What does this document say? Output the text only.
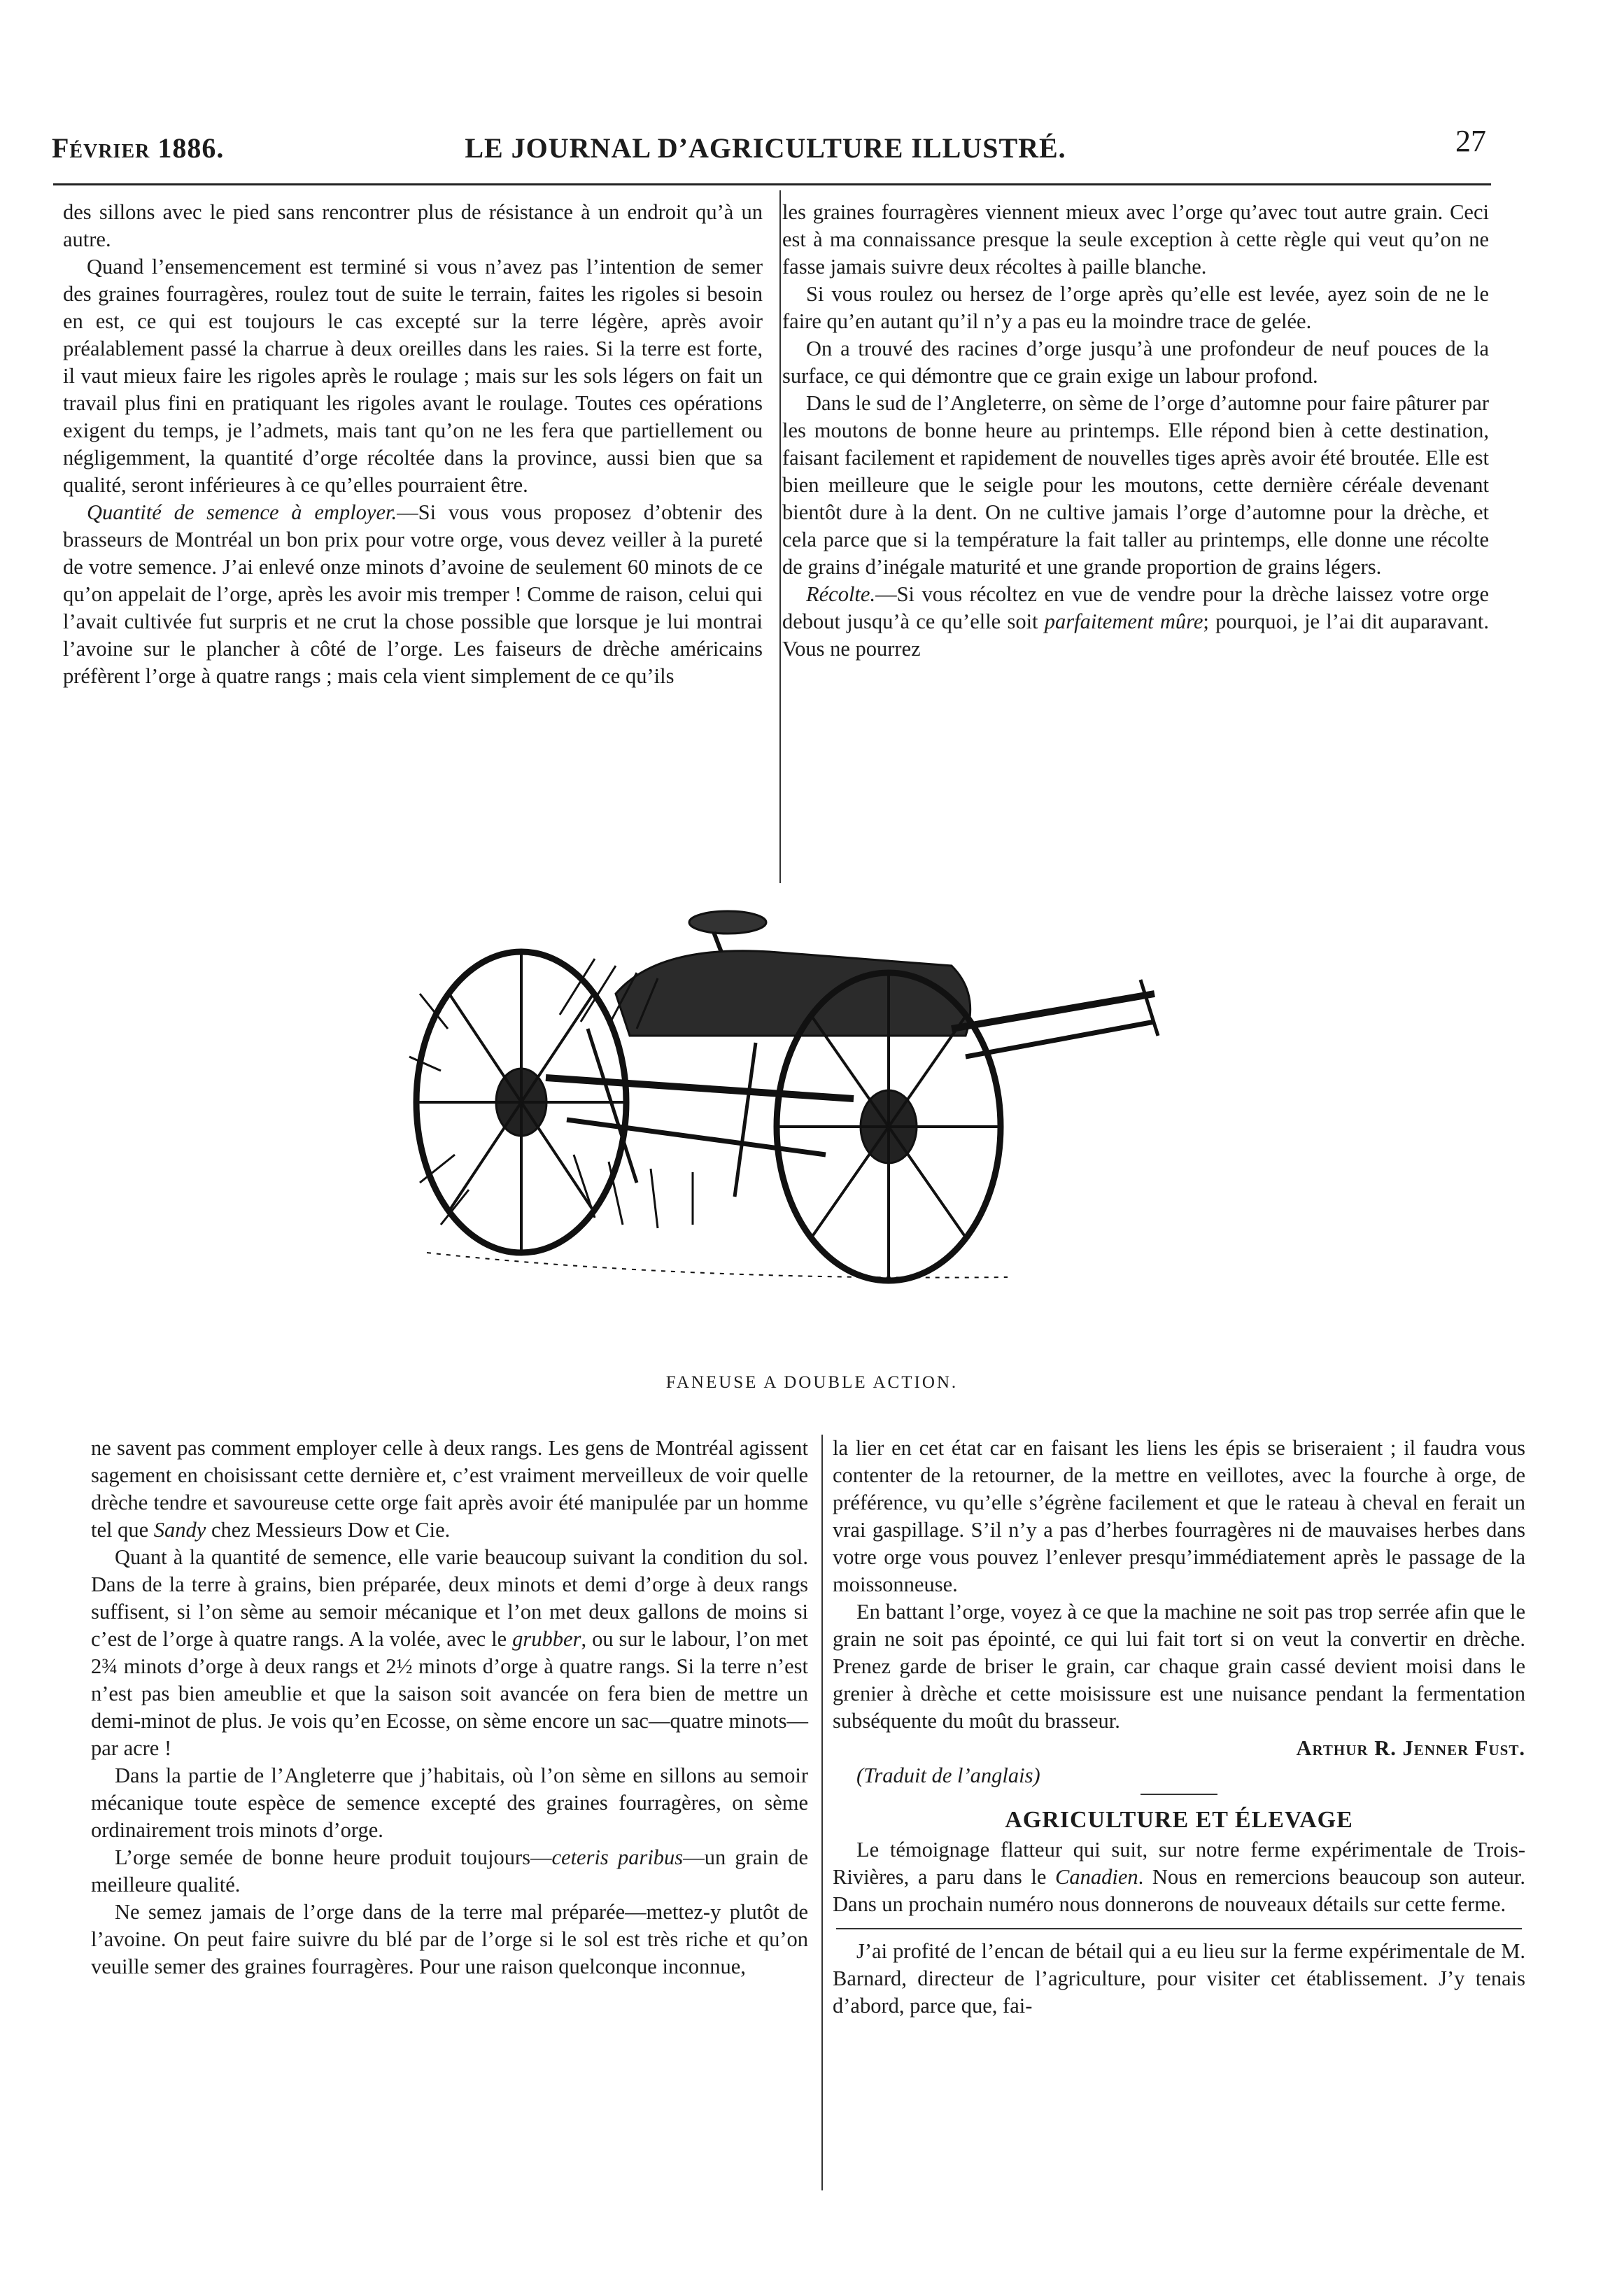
Février 1886.	LE JOURNAL D’AGRICULTURE ILLUSTRÉ.	27

des sillons avec le pied sans rencontrer plus de résistance à un endroit qu’à un autre.

Quand l’ensemencement est terminé si vous n’avez pas l’intention de semer des graines fourragères, roulez tout de suite le terrain, faites les rigoles si besoin en est, ce qui est toujours le cas excepté sur la terre légère, après avoir préalablement passé la charrue à deux oreilles dans les raies. Si la terre est forte, il vaut mieux faire les rigoles après le roulage ; mais sur les sols légers on fait un travail plus fini en pratiquant les rigoles avant le roulage. Toutes ces opérations exigent du temps, je l’admets, mais tant qu’on ne les fera que partiellement ou négligemment, la quantité d’orge récoltée dans la province, aussi bien que sa qualité, seront inférieures à ce qu’elles pourraient être.

Quantité de semence à employer.—Si vous vous proposez d’obtenir des brasseurs de Montréal un bon prix pour votre orge, vous devez veiller à la pureté de votre semence. J’ai enlevé onze minots d’avoine de seulement 60 minots de ce qu’on appelait de l’orge, après les avoir mis tremper ! Comme de raison, celui qui l’avait cultivée fut surpris et ne crut la chose possible que lorsque je lui montrai l’avoine sur le plancher à côté de l’orge. Les faiseurs de drèche américains préfèrent l’orge à quatre rangs ; mais cela vient simplement de ce qu’ils

les graines fourragères viennent mieux avec l’orge qu’avec tout autre grain. Ceci est à ma connaissance presque la seule exception à cette règle qui veut qu’on ne fasse jamais suivre deux récoltes à paille blanche.

Si vous roulez ou hersez de l’orge après qu’elle est levée, ayez soin de ne le faire qu’en autant qu’il n’y a pas eu la moindre trace de gelée.

On a trouvé des racines d’orge jusqu’à une profondeur de neuf pouces de la surface, ce qui démontre que ce grain exige un labour profond.

Dans le sud de l’Angleterre, on sème de l’orge d’automne pour faire pâturer par les moutons de bonne heure au printemps. Elle répond bien à cette destination, faisant facilement et rapidement de nouvelles tiges après avoir été broutée. Elle est bien meilleure que le seigle pour les moutons, cette dernière céréale devenant bientôt dure à la dent. On ne cultive jamais l’orge d’automne pour la drèche, et cela parce que si la température la fait taller au printemps, elle donne une récolte de grains d’inégale maturité et une grande proportion de grains légers.

Récolte.—Si vous récoltez en vue de vendre pour la drèche laissez votre orge debout jusqu’à ce qu’elle soit parfaitement mûre; pourquoi, je l’ai dit auparavant. Vous ne pourrez

FANEUSE A DOUBLE ACTION.

ne savent pas comment employer celle à deux rangs. Les gens de Montréal agissent sagement en choisissant cette dernière et, c’est vraiment merveilleux de voir quelle drèche tendre et savoureuse cette orge fait après avoir été manipulée par un homme tel que Sandy chez Messieurs Dow et Cie.

Quant à la quantité de semence, elle varie beaucoup suivant la condition du sol. Dans de la terre à grains, bien préparée, deux minots et demi d’orge à deux rangs suffisent, si l’on sème au semoir mécanique et l’on met deux gallons de moins si c’est de l’orge à quatre rangs. A la volée, avec le grubber, ou sur le labour, l’on met 2¾ minots d’orge à deux rangs et 2½ minots d’orge à quatre rangs. Si la terre n’est n’est pas bien ameublie et que la saison soit avancée on fera bien de mettre un demi-minot de plus. Je vois qu’en Ecosse, on sème encore un sac—quatre minots—par acre !

Dans la partie de l’Angleterre que j’habitais, où l’on sème en sillons au semoir mécanique toute espèce de semence excepté des graines fourragères, on sème ordinairement trois minots d’orge.

L’orge semée de bonne heure produit toujours—ceteris paribus—un grain de meilleure qualité.

Ne semez jamais de l’orge dans de la terre mal préparée—mettez-y plutôt de l’avoine. On peut faire suivre du blé par de l’orge si le sol est très riche et qu’on veuille semer des graines fourragères. Pour une raison quelconque inconnue,

la lier en cet état car en faisant les liens les épis se briseraient ; il faudra vous contenter de la retourner, de la mettre en veillotes, avec la fourche à orge, de préférence, vu qu’elle s’égrène facilement et que le rateau à cheval en ferait un vrai gaspillage. S’il n’y a pas d’herbes fourragères ni de mauvaises herbes dans votre orge vous pouvez l’enlever presqu’immédiatement après le passage de la moissonneuse.

En battant l’orge, voyez à ce que la machine ne soit pas trop serrée afin que le grain ne soit pas épointé, ce qui lui fait tort si on veut la convertir en drèche. Prenez garde de briser le grain, car chaque grain cassé devient moisi dans le grenier à drèche et cette moisissure est une nuisance pendant la fermentation subséquente du moût du brasseur.

Arthur R. Jenner Fust.

(Traduit de l’anglais)

AGRICULTURE ET ÉLEVAGE

Le témoignage flatteur qui suit, sur notre ferme expérimentale de Trois-Rivières, a paru dans le Canadien. Nous en remercions beaucoup son auteur. Dans un prochain numéro nous donnerons de nouveaux détails sur cette ferme.

J’ai profité de l’encan de bétail qui a eu lieu sur la ferme expérimentale de M. Barnard, directeur de l’agriculture, pour visiter cet établissement. J’y tenais d’abord, parce que, fai-
